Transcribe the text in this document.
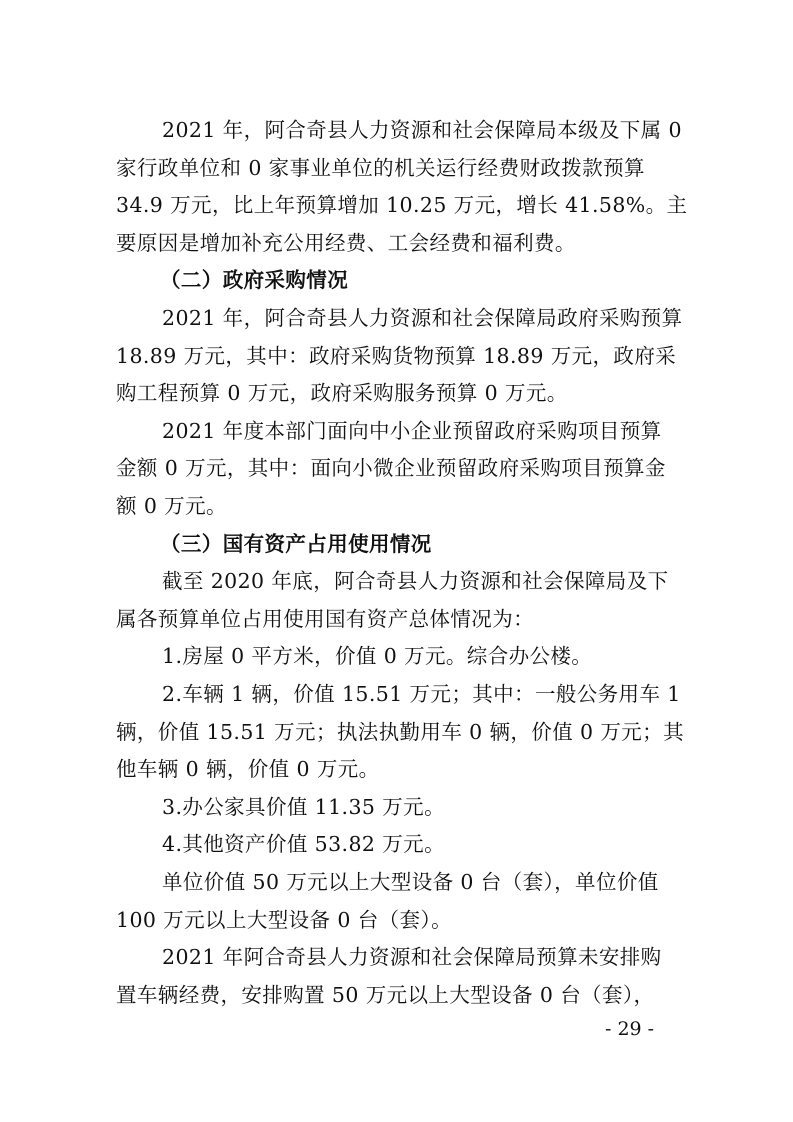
2021 年，阿合奇县人力资源和社会保障局本级及下属 0
家行政单位和 0 家事业单位的机关运行经费财政拨款预算
34.9 万元，比上年预算增加 10.25 万元，增长 41.58%。主
要原因是增加补充公用经费、工会经费和福利费。
（二）政府采购情况
2021 年，阿合奇县人力资源和社会保障局政府采购预算
18.89 万元，其中：政府采购货物预算 18.89 万元，政府采
购工程预算 0 万元，政府采购服务预算 0 万元。
2021 年度本部门面向中小企业预留政府采购项目预算
金额 0 万元，其中：面向小微企业预留政府采购项目预算金
额 0 万元。
（三）国有资产占用使用情况
截至 2020 年底，阿合奇县人力资源和社会保障局及下
属各预算单位占用使用国有资产总体情况为：
1.房屋 0 平方米，价值 0 万元。综合办公楼。
2.车辆 1 辆，价值 15.51 万元；其中：一般公务用车 1
辆，价值 15.51 万元；执法执勤用车 0 辆，价值 0 万元；其
他车辆 0 辆，价值 0 万元。
3.办公家具价值 11.35 万元。
4.其他资产价值 53.82 万元。
单位价值 50 万元以上大型设备 0 台（套），单位价值
100 万元以上大型设备 0 台（套）。
2021 年阿合奇县人力资源和社会保障局预算未安排购
置车辆经费，安排购置 50 万元以上大型设备 0 台（套），
- 29 -
